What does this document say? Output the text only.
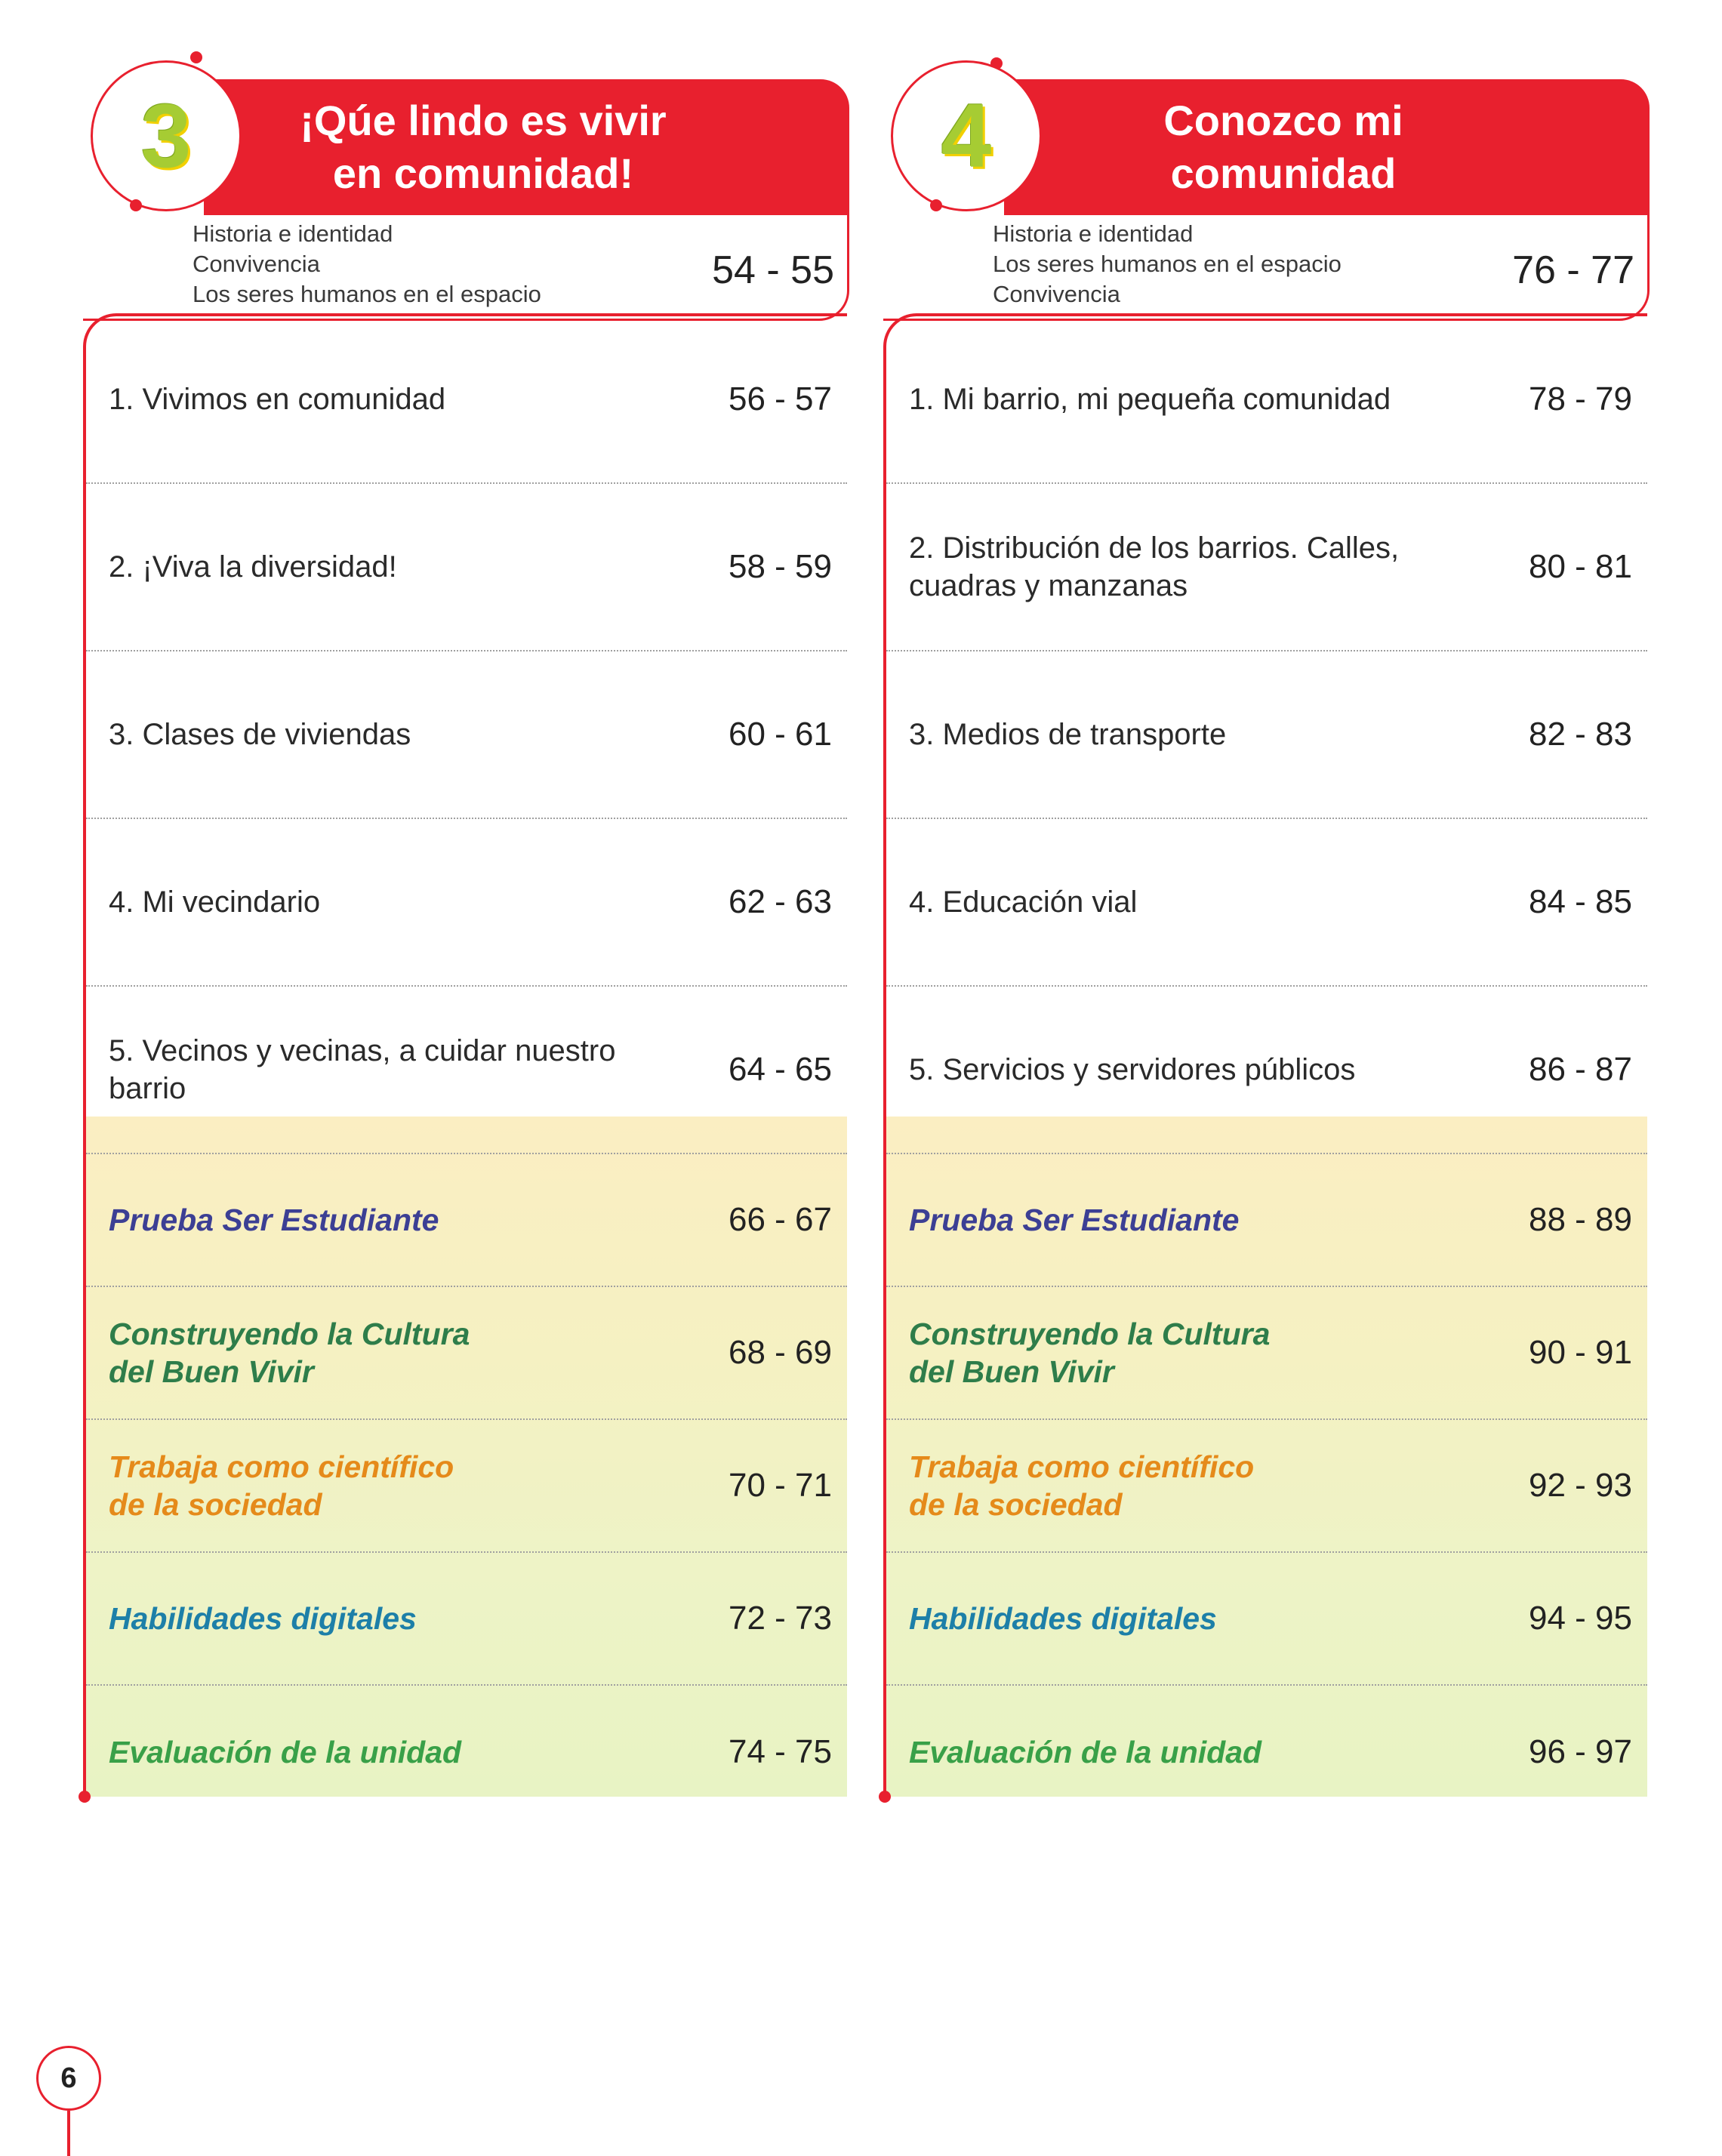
¡Qúe lindo es vivir
en comunidad!
3
Historia e identidad
Convivencia
Los seres humanos en el espacio
54 - 55
1. Vivimos en comunidad	56 - 57
2. ¡Viva la diversidad!	58 - 59
3. Clases de viviendas	60 - 61
4. Mi vecindario	62 - 63
5. Vecinos y vecinas, a cuidar nuestro
barrio
64 - 65
Prueba Ser Estudiante	66 - 67
Construyendo la Cultura
del Buen Vivir
68 - 69
Trabaja como científico
de la sociedad
70 - 71
Habilidades digitales	72 - 73
Evaluación de la unidad	74 - 75
Conozco mi
comunidad
4
Historia e identidad
Los seres humanos en el espacio
Convivencia
76 - 77
1. Mi barrio, mi pequeña comunidad	78 - 79
2. Distribución de los barrios. Calles,
cuadras y manzanas
80 - 81
3. Medios de transporte	82 - 83
4. Educación vial	84 - 85
5. Servicios y servidores públicos	86 - 87
Prueba Ser Estudiante	88 - 89
Construyendo la Cultura
del Buen Vivir
90 - 91
Trabaja como científico
de la sociedad
92 - 93
Habilidades digitales	94 - 95
Evaluación de la unidad	96 - 97
6
